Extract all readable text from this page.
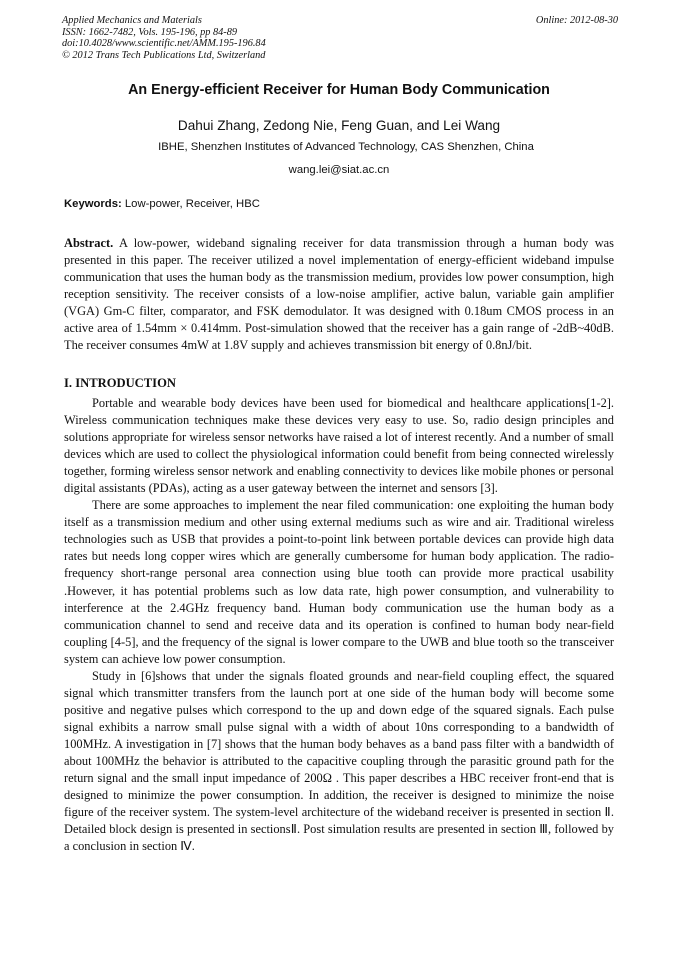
Applied Mechanics and Materials
ISSN: 1662-7482, Vols. 195-196, pp 84-89
doi:10.4028/www.scientific.net/AMM.195-196.84
© 2012 Trans Tech Publications Ltd, Switzerland
Online: 2012-08-30
An Energy-efficient Receiver for Human Body Communication
Dahui Zhang, Zedong Nie, Feng Guan, and Lei Wang
IBHE, Shenzhen Institutes of Advanced Technology, CAS Shenzhen, China
wang.lei@siat.ac.cn
Keywords: Low-power, Receiver, HBC
Abstract. A low-power, wideband signaling receiver for data transmission through a human body was presented in this paper. The receiver utilized a novel implementation of energy-efficient wideband impulse communication that uses the human body as the transmission medium, provides low power consumption, high reception sensitivity. The receiver consists of a low-noise amplifier, active balun, variable gain amplifier (VGA) Gm-C filter, comparator, and FSK demodulator. It was designed with 0.18um CMOS process in an active area of 1.54mm × 0.414mm. Post-simulation showed that the receiver has a gain range of -2dB~40dB. The receiver consumes 4mW at 1.8V supply and achieves transmission bit energy of 0.8nJ/bit.
I. INTRODUCTION

Portable and wearable body devices have been used for biomedical and healthcare applications[1-2]. Wireless communication techniques make these devices very easy to use. So, radio design principles and solutions appropriate for wireless sensor networks have raised a lot of interest recently. And a number of small devices which are used to collect the physiological information could benefit from being connected wirelessly together, forming wireless sensor network and enabling connectivity to devices like mobile phones or personal digital assistants (PDAs), acting as a user gateway between the internet and sensors [3].

There are some approaches to implement the near filed communication: one exploiting the human body itself as a transmission medium and other using external mediums such as wire and air. Traditional wireless technologies such as USB that provides a point-to-point link between portable devices can provide high data rates but needs long copper wires which are generally cumbersome for human body application. The radio-frequency short-range personal area connection using blue tooth can provide more practical usability .However, it has potential problems such as low data rate, high power consumption, and vulnerability to interference at the 2.4GHz frequency band. Human body communication use the human body as a communication channel to send and receive data and its operation is confined to human body near-field coupling [4-5], and the frequency of the signal is lower compare to the UWB and blue tooth so the transceiver system can achieve low power consumption.

Study in [6]shows that under the signals floated grounds and near-field coupling effect, the squared signal which transmitter transfers from the launch port at one side of the human body will become some positive and negative pulses which correspond to the up and down edge of the squared signals. Each pulse signal exhibits a narrow small pulse signal with a width of about 10ns corresponding to a bandwidth of 100MHz. A investigation in [7] shows that the human body behaves as a band pass filter with a bandwidth of about 100MHz the behavior is attributed to the capacitive coupling through the parasitic ground path for the return signal and the small input impedance of 200Ω . This paper describes a HBC receiver front-end that is designed to minimize the power consumption. In addition, the receiver is designed to minimize the noise figure of the receiver system. The system-level architecture of the wideband receiver is presented in section Ⅱ. Detailed block design is presented in sectionsⅡ. Post simulation results are presented in section Ⅲ, followed by a conclusion in section Ⅳ.
